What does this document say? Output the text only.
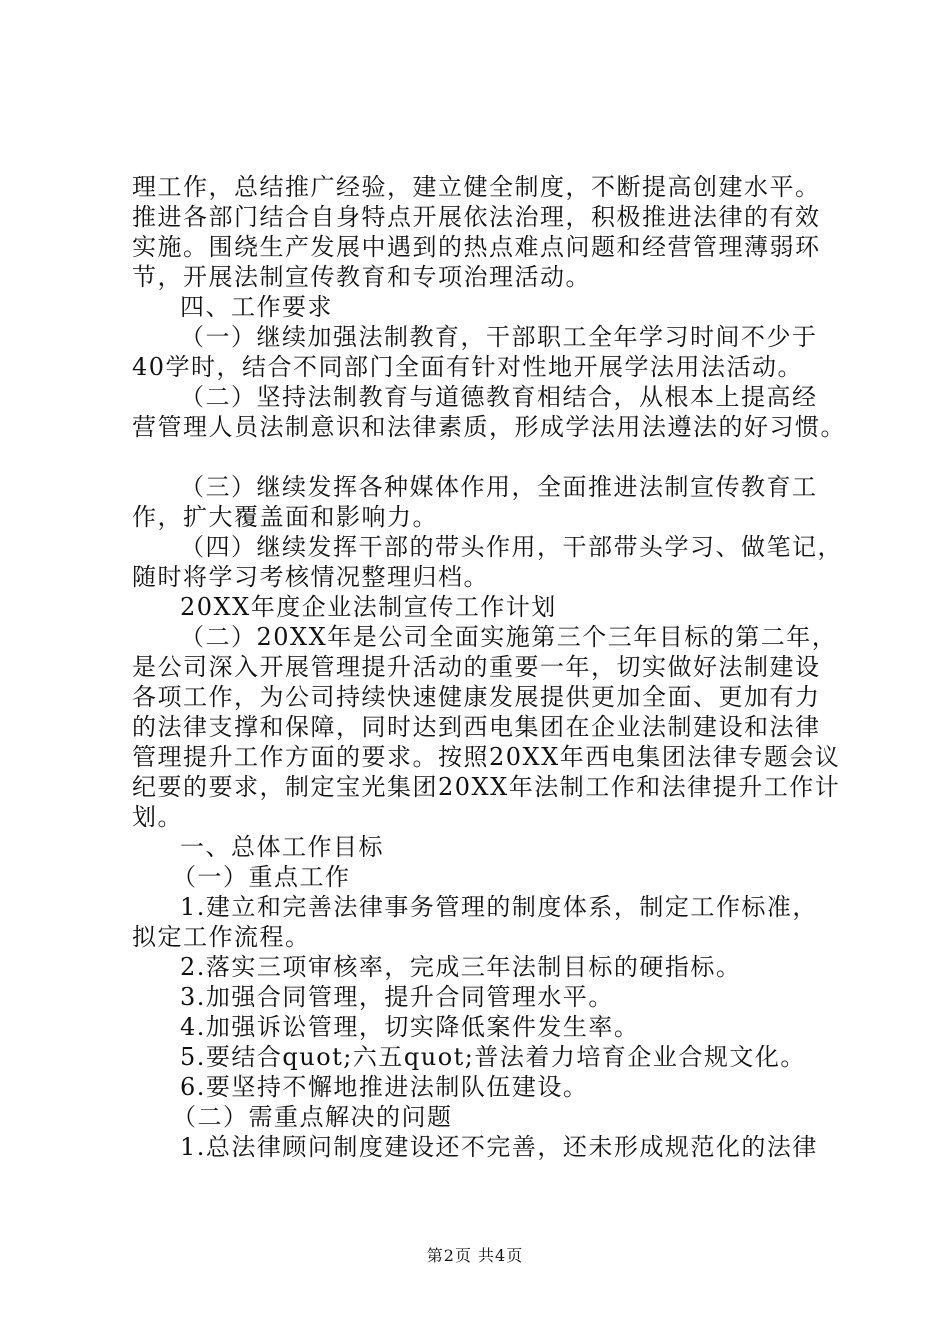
理工作，总结推广经验，建立健全制度，不断提高创建水平。
推进各部门结合自身特点开展依法治理，积极推进法律的有效
实施。围绕生产发展中遇到的热点难点问题和经营管理薄弱环
节，开展法制宣传教育和专项治理活动。
四、工作要求
（一）继续加强法制教育，干部职工全年学习时间不少于
40学时，结合不同部门全面有针对性地开展学法用法活动。
（二）坚持法制教育与道德教育相结合，从根本上提高经
营管理人员法制意识和法律素质，形成学法用法遵法的好习惯。
（三）继续发挥各种媒体作用，全面推进法制宣传教育工
作，扩大覆盖面和影响力。
（四）继续发挥干部的带头作用，干部带头学习、做笔记，
随时将学习考核情况整理归档。
20XX年度企业法制宣传工作计划
（二）20XX年是公司全面实施第三个三年目标的第二年，
是公司深入开展管理提升活动的重要一年，切实做好法制建设
各项工作，为公司持续快速健康发展提供更加全面、更加有力
的法律支撑和保障，同时达到西电集团在企业法制建设和法律
管理提升工作方面的要求。按照20XX年西电集团法律专题会议
纪要的要求，制定宝光集团20XX年法制工作和法律提升工作计
划。
一、总体工作目标
（一）重点工作
1.建立和完善法律事务管理的制度体系，制定工作标准，
拟定工作流程。
2.落实三项审核率，完成三年法制目标的硬指标。
3.加强合同管理，提升合同管理水平。
4.加强诉讼管理，切实降低案件发生率。
5.要结合quot;六五quot;普法着力培育企业合规文化。
6.要坚持不懈地推进法制队伍建设。
（二）需重点解决的问题
1.总法律顾问制度建设还不完善，还未形成规范化的法律
第2页 共4页
